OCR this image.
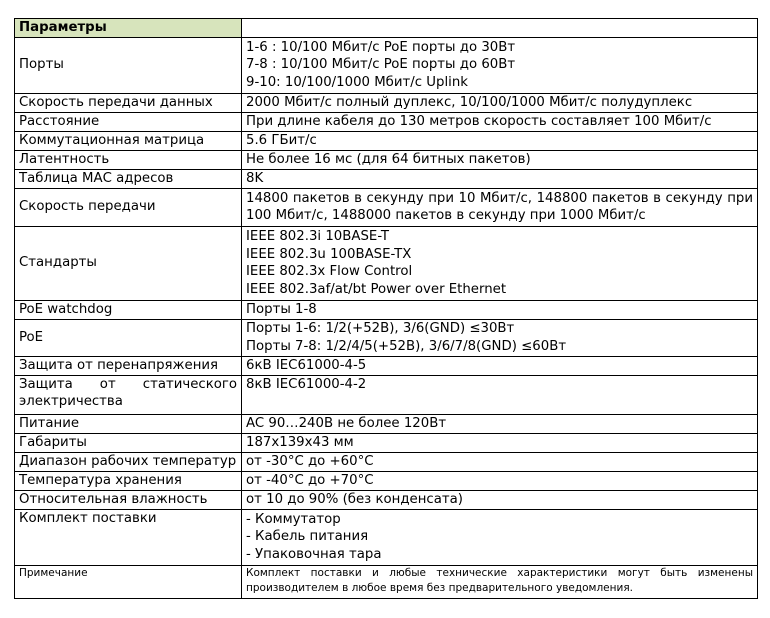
Параметры	
Порты	1-6 : 10/100 Мбит/с PoE порты до 30Вт
7-8 : 10/100 Мбит/с PoE порты до 60Вт
9-10: 10/100/1000 Мбит/с Uplink

Скорость передачи данных	2000 Мбит/с полный дуплекс, 10/100/1000 Мбит/с полудуплекс
Расстояние	При длине кабеля до 130 метров скорость составляет 100 Мбит/с
Коммутационная матрица	5.6 ГБит/с
Латентность	Не более 16 мс (для 64 битных пакетов)
Таблица МАС адресов	8K
Скорость передачи	14800 пакетов в секунду при 10 Мбит/с, 148800 пакетов в секунду при 100 Мбит/с, 1488000 пакетов в секунду при 1000 Мбит/с

Стандарты	IEEE 802.3i 10BASE-T
IEEE 802.3u 100BASE-TX
IEEE 802.3x Flow Control
IEEE 802.3af/at/bt Power over Ethernet

PoE watchdog	Порты 1-8
PoE	Порты 1-6: 1/2(+52В), 3/6(GND) ≤30Вт
Порты 7-8: 1/2/4/5(+52В), 3/6/7/8(GND) ≤60Вт

Защита от перенапряжения	6кВ IEC61000-4-5

Защита от статического
электричества	8кВ IEC61000-4-2
Питание	AC 90…240В не более 120Вт
Габариты	187х139х43 мм
Диапазон рабочих температур	от -30°С до +60°С
Температура хранения	от -40°С до +70°С
Относительная влажность	от 10 до 90% (без конденсата)
Комплект поставки	- Коммутатор
- Кабель питания
- Упаковочная тара

Примечание	Комплект поставки и любые технические характеристики могут быть изменены производителем в любое время без предварительного уведомления.
